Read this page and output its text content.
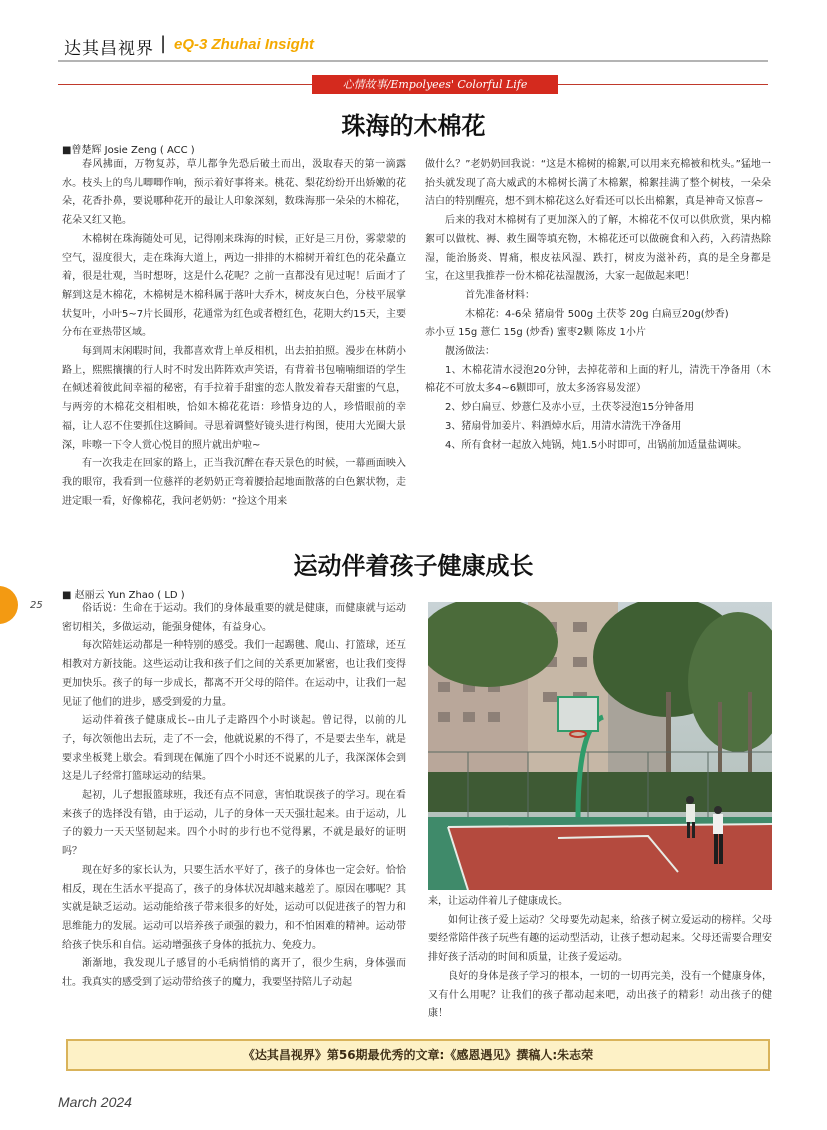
达其昌视界 | eQ-3 Zhuhai Insight
心情故事/Empolyees' Colorful Life
珠海的木棉花
■曾楚辉 Josie Zeng ( ACC )

春风拂面，万物复苏，草儿都争先恐后破土而出，汲取春天的第一滴露水。枝头上的鸟儿唧唧作响，预示着好事将来。桃花、梨花纷纷开出娇嫩的花朵，花香扑鼻，要说哪种花开的最让人印象深刻，数珠海那一朵朵的木棉花，花朵又红又艳。

木棉树在珠海随处可见，记得刚来珠海的时候，正好是三月份，雾蒙蒙的空气，湿度很大，走在珠海大道上，两边一排排的木棉树开着红色的花朵矗立着，很是壮观，当时想呀，这是什么花呢？之前一直都没有见过呢！后面才了解到这是木棉花，木棉树是木棉科属于落叶大乔木，树皮灰白色，分枝平展掌状复叶，小叶5~7片长圆形，花通常为红色或者橙红色，花期大约15天，主要分布在亚热带区域。

每到周末闲暇时间，我都喜欢背上单反相机，出去拍拍照。漫步在林荫小路上，熙熙攘攘的行人时不时发出阵阵欢声笑语，有背着书包喃喃细语的学生在倾述着彼此间幸福的秘密，有手拉着手甜蜜的恋人散发着春天甜蜜的气息，与两旁的木棉花交相相映，恰如木棉花花语：珍惜身边的人，珍惜眼前的幸福，让人忍不住要抓住这瞬间。寻思着调整好镜头进行构图，使用大光圈大景深，咔嚓一下令人赏心悦目的照片就出炉啦~

有一次我走在回家的路上，正当我沉醉在春天景色的时候，一幕画面映入我的眼帘，我看到一位慈祥的老奶奶正弯着腰拾起地面散落的白色絮状物，走进定眼一看，好像棉花，我问老奶奶：“捡这个用来

做什么？”老奶奶回我说：“这是木棉树的棉絮,可以用来充棉被和枕头。”猛地一抬头就发现了高大威武的木棉树长满了木棉絮，棉絮挂满了整个树枝，一朵朵洁白的特别醒亮，想不到木棉花这么好看还可以长出棉絮，真是神奇又惊喜~

后来的我对木棉树有了更加深入的了解，木棉花不仅可以供欣赏，果内棉絮可以做枕、褥、救生圈等填充物，木棉花还可以做碗食和入药，入药清热除湿，能治肠炎、胃痛，根皮祛风湿、跌打，树皮为滋补药，真的是全身都是宝，在这里我推荐一份木棉花祛湿靓汤，大家一起做起来吧！

首先准备材料：

木棉花：4-6朵 猪扇骨 500g 土茯苓 20g 白扁豆20g(炒香)

赤小豆 15g 薏仁 15g (炒香) 蜜枣2颗 陈皮 1小片

靓汤做法：

1、木棉花清水浸泡20分钟，去掉花蒂和上面的籽儿，清洗干净备用（木棉花不可放太多4~6颗即可，放太多汤容易发涩）

2、炒白扁豆、炒薏仁及赤小豆，土茯苓浸泡15分钟备用

3、猪扇骨加姜片、料酒焯水后，用清水清洗干净备用

4、所有食材一起放入炖锅，炖1.5小时即可，出锅前加适量盐调味。

运动伴着孩子健康成长
■ 赵丽云 Yun Zhao ( LD )
25	俗话说：生命在于运动。我们的身体最重要的就是健康，而健康就与运动密切相关，多做运动，能强身健体，有益身心。

每次陪娃运动都是一种特别的感受。我们一起踢毽、爬山、打篮球，还互相教对方新技能。这些运动让我和孩子们之间的关系更加紧密，也让我们变得更加快乐。孩子的每一步成长，都离不开父母的陪伴。在运动中，让我们一起见证了他们的进步，感受到爱的力量。

运动伴着孩子健康成长--由儿子走路四个小时谈起。曾记得，以前的儿子，每次领他出去玩，走了不一会，他就说累的不得了，不是要去坐车，就是要求坐板凳上歇会。看到现在佩施了四个小时还不说累的儿子，我深深体会到这是儿子经常打篮球运动的结果。

起初，儿子想报篮球班，我还有点不同意，害怕耽误孩子的学习。现在看来孩子的选择没有错，由于运动，儿子的身体一天天强壮起来。由于运动，儿子的毅力一天天坚韧起来。四个小时的步行也不觉得累，不就是最好的证明吗？

现在好多的家长认为，只要生活水平好了，孩子的身体也一定会好。恰恰相反，现在生活水平提高了，孩子的身体状况却越来越差了。原因在哪呢？其实就是缺乏运动。运动能给孩子带来很多的好处，运动可以促进孩子的智力和思维能力的发展。运动可以培养孩子顽强的毅力，和不怕困难的精神。运动带给孩子快乐和自信。运动增强孩子身体的抵抗力、免疫力。

渐渐地，我发现儿子感冒的小毛病悄悄的离开了，很少生病，身体强而壮。我真实的感受到了运动带给孩子的魔力，我要坚持陪儿子动起

来，让运动伴着儿子健康成长。

如何让孩子爱上运动？父母要先动起来，给孩子树立爱运动的榜样。父母要经常陪伴孩子玩些有趣的运动型活动，让孩子想动起来。父母还需要合理安排好孩子活动的时间和质量，让孩子爱运动。

良好的身体是孩子学习的根本，一切的一切再完美，没有一个健康身体，又有什么用呢？让我们的孩子都动起来吧，动出孩子的精彩！动出孩子的健康！

《达其昌视界》第56期最优秀的文章:《感恩遇见》撰稿人:朱志荣
March 2024
